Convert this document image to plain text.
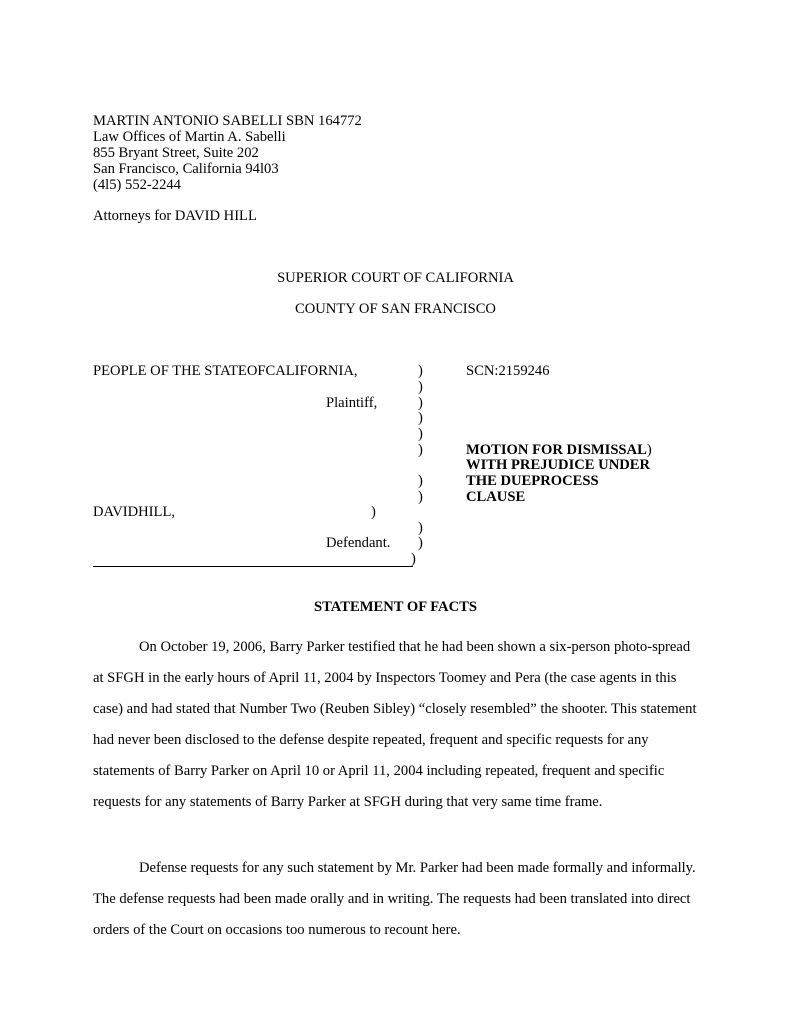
MARTIN ANTONIO SABELLI SBN 164772
Law Offices of Martin A. Sabelli
855 Bryant Street, Suite 202
San Francisco, California 94l03
(4l5) 552-2244
Attorneys for DAVID HILL
SUPERIOR COURT OF CALIFORNIA
COUNTY OF SAN FRANCISCO
PEOPLE OF THE STATEOFCALIFORNIA,
Plaintiff,
DAVIDHILL,
Defendant.
)
)
)
)
)
)
)
)
)
)
)
)
SCN:2159246
MOTION FOR DISMISSAL)
WITH PREJUDICE UNDER
THE DUEPROCESS
CLAUSE
STATEMENT OF FACTS
On October 19, 2006, Barry Parker testified that he had been shown a six-person photo-spread at SFGH in the early hours of April 11, 2004 by Inspectors Toomey and Pera (the case agents in this case) and had stated that Number Two (Reuben Sibley) “closely resembled” the shooter. This statement had never been disclosed to the defense despite repeated, frequent and specific requests for any statements of Barry Parker on April 10 or April 11, 2004 including repeated, frequent and specific requests for any statements of Barry Parker at SFGH during that very same time frame.
Defense requests for any such statement by Mr. Parker had been made formally and informally. The defense requests had been made orally and in writing. The requests had been translated into direct orders of the Court on occasions too numerous to recount here.
